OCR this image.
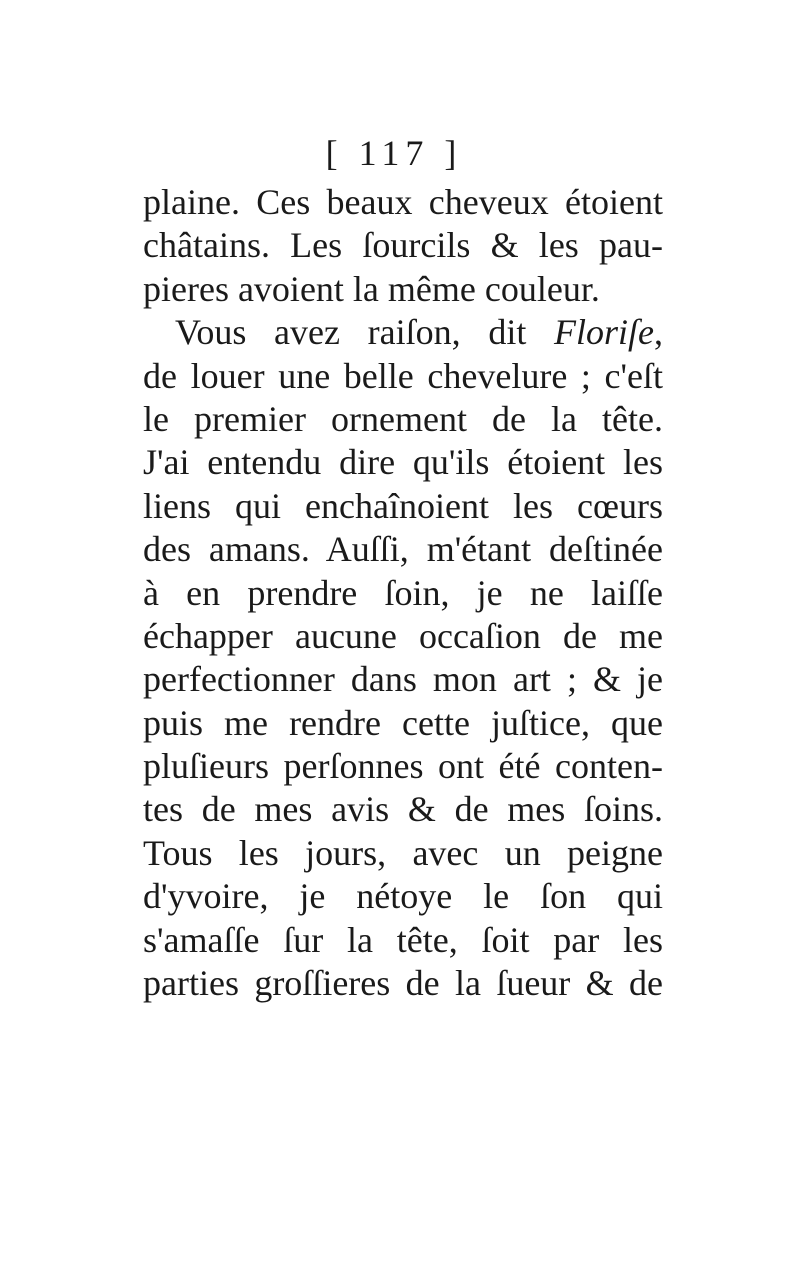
[ 117 ]
plaine. Ces beaux cheveux étoient
châtains. Les ſourcils & les pau-
pieres avoient la même couleur.
Vous avez raiſon, dit Floriſe,
de louer une belle chevelure ; c'eſt
le premier ornement de la tête.
J'ai entendu dire qu'ils étoient les
liens qui enchaînoient les cœurs
des amans. Auſſi, m'étant deſtinée
à en prendre ſoin, je ne laiſſe
échapper aucune occaſion de me
perfectionner dans mon art ; & je
puis me rendre cette juſtice, que
pluſieurs perſonnes ont été conten-
tes de mes avis & de mes ſoins.
Tous les jours, avec un peigne
d'yvoire, je nétoye le ſon qui
s'amaſſe ſur la tête, ſoit par les
parties groſſieres de la ſueur & de
